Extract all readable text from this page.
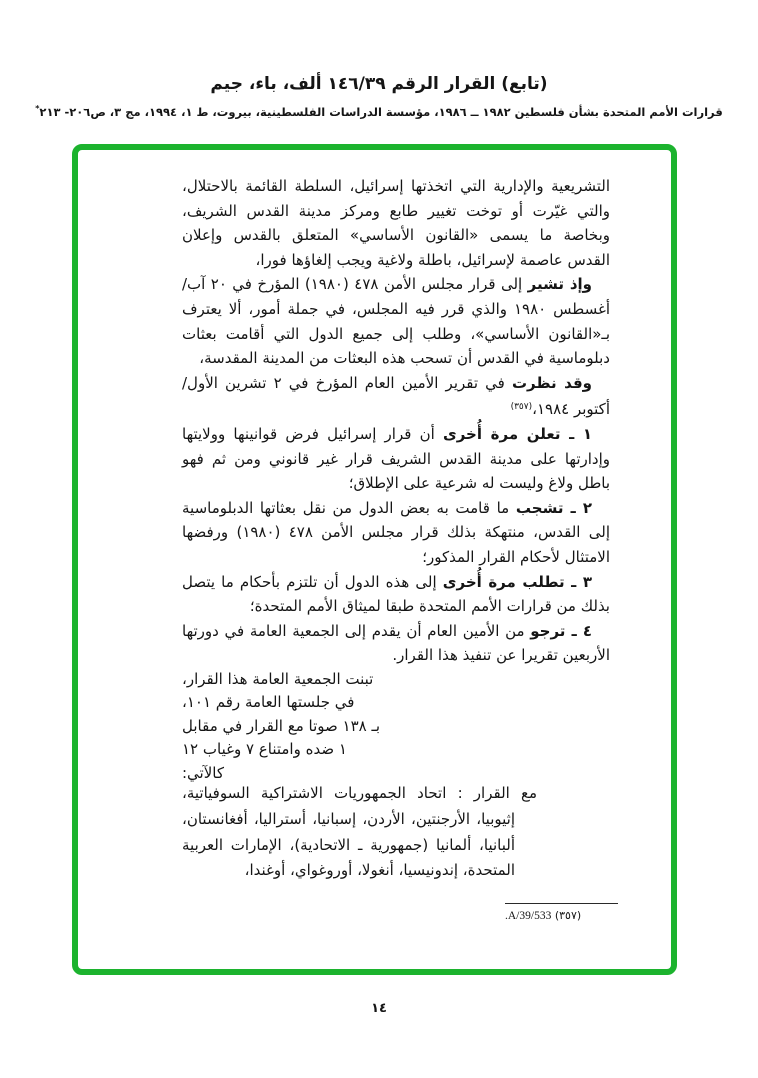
(تابع) القرار الرقم ١٤٦/٣٩ ألف، باء، جيم
قرارات الأمم المتحدة بشأن فلسطين ١٩٨٢ ــ ١٩٨٦، مؤسسة الدراسات الفلسطينية، بيروت، ط ١، ١٩٩٤، مج ٣، ص٢٠٦- ٢١٣*

التشريعية والإدارية التي اتخذتها إسرائيل، السلطة القائمة بالاحتلال، والتي غيّرت أو توخت تغيير طابع ومركز مدينة القدس الشريف، وبخاصة ما يسمى «القانون الأساسي» المتعلق بالقدس وإعلان القدس عاصمة لإسرائيل، باطلة ولاغية ويجب إلغاؤها فورا،

وإذ تشير إلى قرار مجلس الأمن ٤٧٨ (١٩٨٠) المؤرخ في ٢٠ آب/أغسطس ١٩٨٠ والذي قرر فيه المجلس، في جملة أمور، ألا يعترف بـ«القانون الأساسي»، وطلب إلى جميع الدول التي أقامت بعثات دبلوماسية في القدس أن تسحب هذه البعثات من المدينة المقدسة،

وقد نظرت في تقرير الأمين العام المؤرخ في ٢ تشرين الأول/أكتوبر ١٩٨٤،$^{(٣٥٧)}$

١ ـ تعلن مرة أُخرى أن قرار إسرائيل فرض قوانينها وولايتها وإدارتها على مدينة القدس الشريف قرار غير قانوني ومن ثم فهو باطل ولاغ وليست له شرعية على الإطلاق؛

٢ ـ تشجب ما قامت به بعض الدول من نقل بعثاتها الدبلوماسية إلى القدس، منتهكة بذلك قرار مجلس الأمن ٤٧٨ (١٩٨٠) ورفضها الامتثال لأحكام القرار المذكور؛

٣ ـ تطلب مرة أُخرى إلى هذه الدول أن تلتزم بأحكام ما يتصل بذلك من قرارات الأمم المتحدة طبقا لميثاق الأمم المتحدة؛

٤ ـ ترجو من الأمين العام أن يقدم إلى الجمعية العامة في دورتها الأربعين تقريرا عن تنفيذ هذا القرار.

تبنت الجمعية العامة هذا القرار،
في جلستها العامة رقم ١٠١،
بـ ١٣٨ صوتا مع القرار في مقابل
١ ضده وامتناع ٧ وغياب ١٢
كالآتي:
مع القرار : اتحاد الجمهوريات الاشتراكية السوفياتية، إثيوبيا، الأرجنتين، الأردن، إسبانيا، أستراليا، أفغانستان، ألبانيا، ألمانيا (جمهورية ـ الاتحادية)، الإمارات العربية المتحدة، إندونيسيا، أنغولا، أوروغواي، أوغندا،
(٣٥٧) A/39/533.
١٤
